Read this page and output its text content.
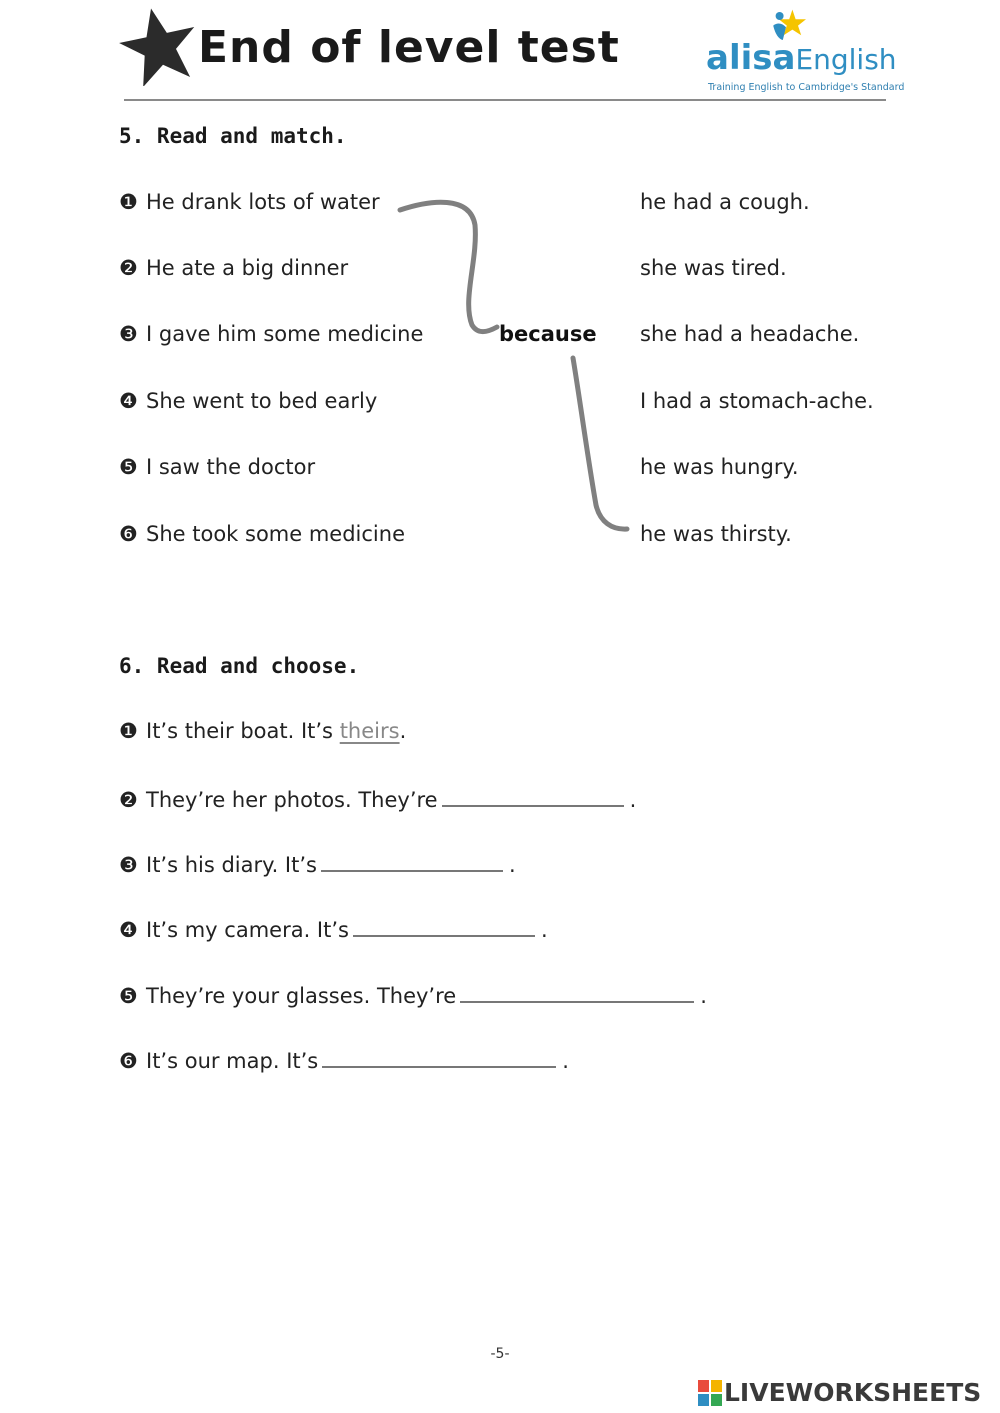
End of level test	alisaEnglish
Training English to Cambridge's Standard
5. Read and match.
❶ He drank lots of water
❷ He ate a big dinner
❸ I gave him some medicine
❹ She went to bed early
❺ I saw the doctor
❻ She took some medicine
because
he had a cough.
she was tired.
she had a headache.
I had a stomach-ache.
he was hungry.
he was thirsty.
6. Read and choose.
❶ It’s their boat. It’s theirs.
❷ They’re her photos. They’re	.
❸ It’s his diary. It’s	.
❹ It’s my camera. It’s	.
❺ They’re your glasses. They’re	.
❻ It’s our map. It’s	.
-5-
LIVEWORKSHEETS
